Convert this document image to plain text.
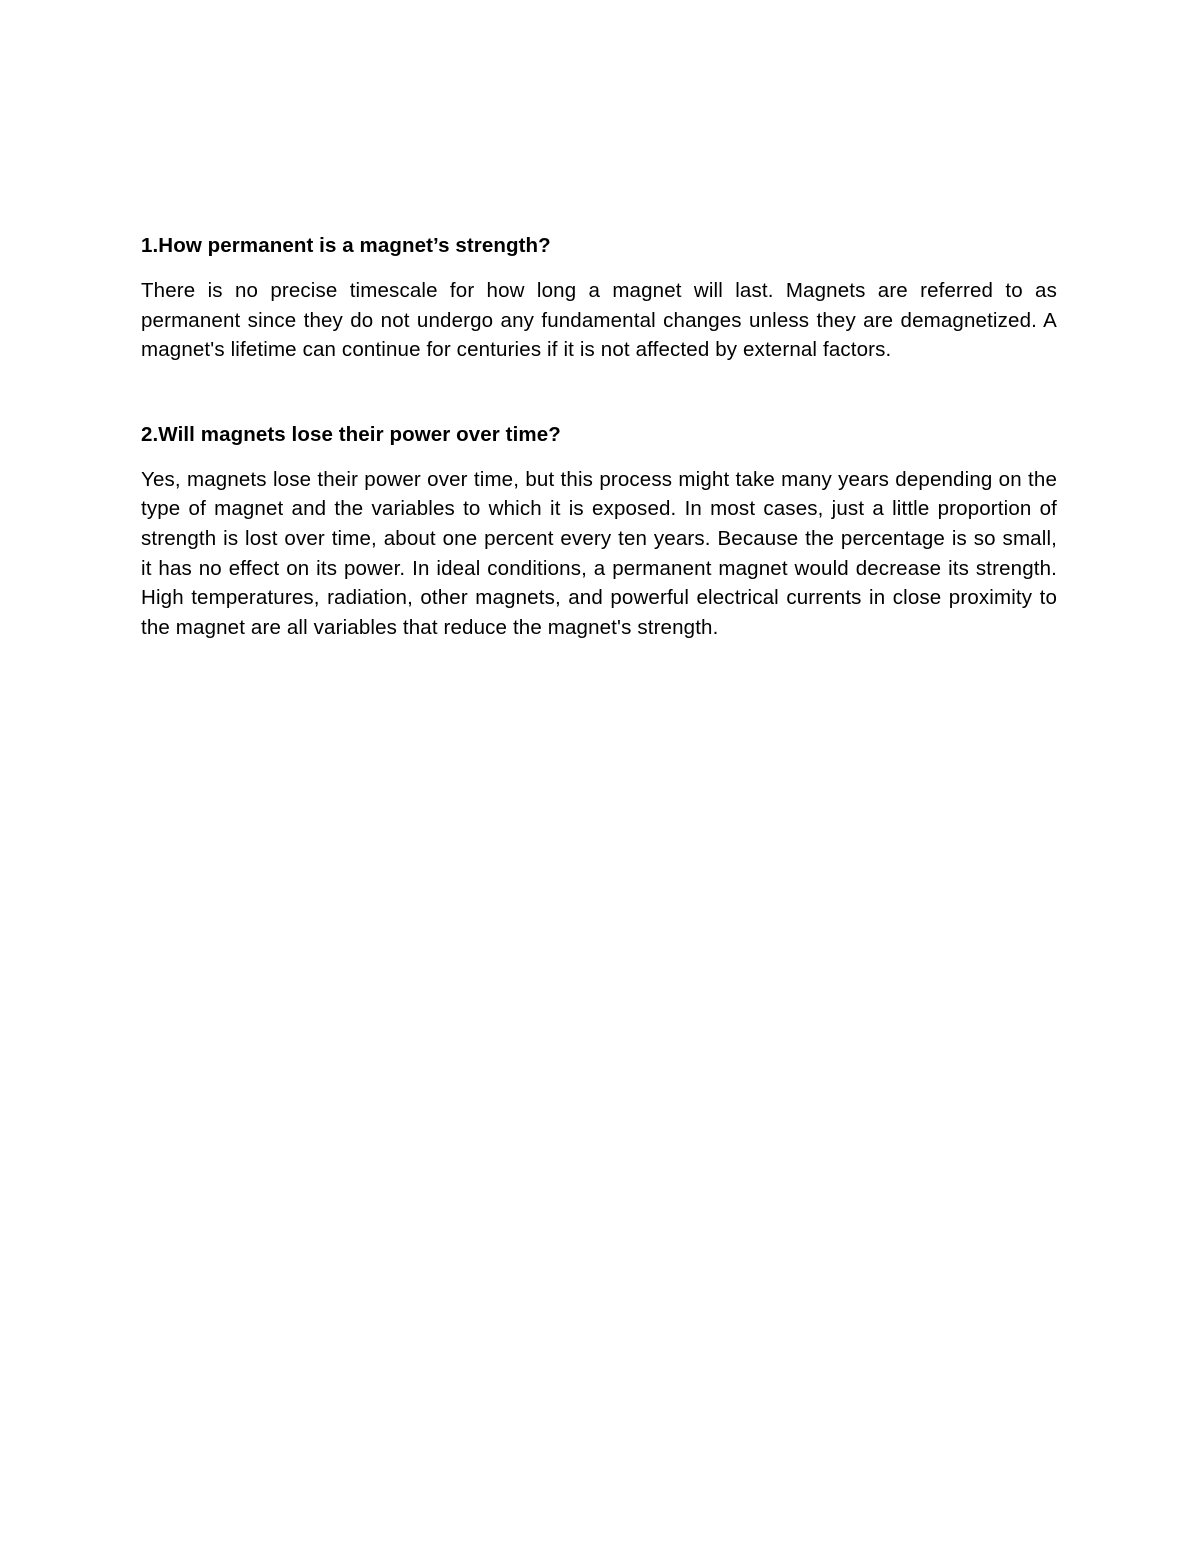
1.How permanent is a magnet’s strength?

There is no precise timescale for how long a magnet will last. Magnets are referred to as permanent since they do not undergo any fundamental changes unless they are demagnetized. A magnet's lifetime can continue for centuries if it is not affected by external factors.

2.Will magnets lose their power over time?

Yes, magnets lose their power over time, but this process might take many years depending on the type of magnet and the variables to which it is exposed. In most cases, just a little proportion of strength is lost over time, about one percent every ten years. Because the percentage is so small, it has no effect on its power. In ideal conditions, a permanent magnet would decrease its strength. High temperatures, radiation, other magnets, and powerful electrical currents in close proximity to the magnet are all variables that reduce the magnet's strength.
